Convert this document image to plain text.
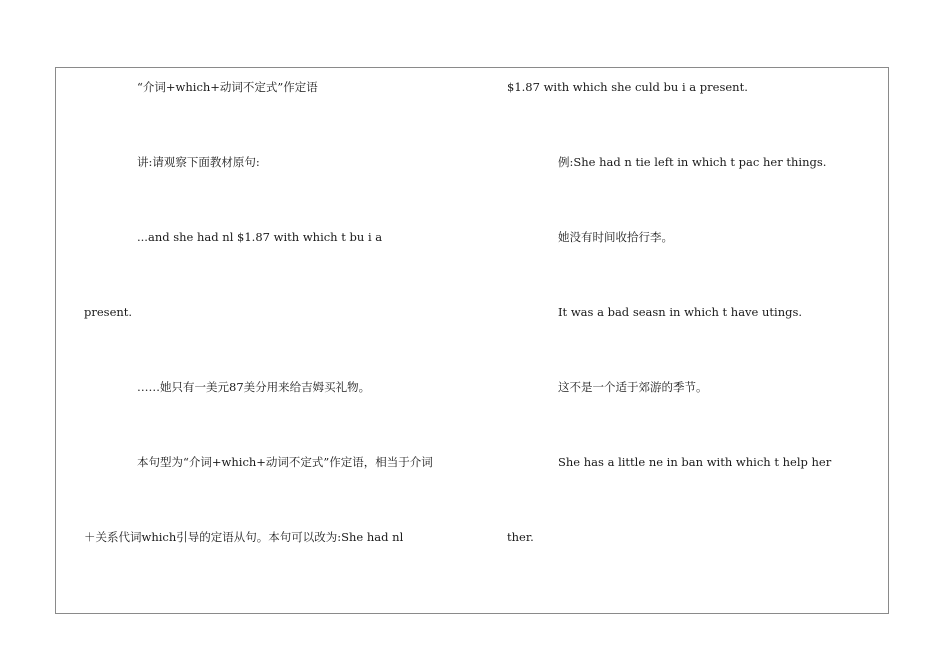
“介词+which+动词不定式”作定语
讲:请观察下面教材原句:
...and she had nl $1.87 with which t bu i a
present.
……她只有一美元87美分用来给吉姆买礼物。
本句型为“介词+which+动词不定式”作定语，相当于介词
＋关系代词which引导的定语从句。本句可以改为:She had nl
$1.87 with which she culd bu i a present.
例:She had n tie left in which t pac her things.
她没有时间收拾行李。
It was a bad seasn in which t have utings.
这不是一个适于郊游的季节。
She has a little ne in ban with which t help her
ther.
